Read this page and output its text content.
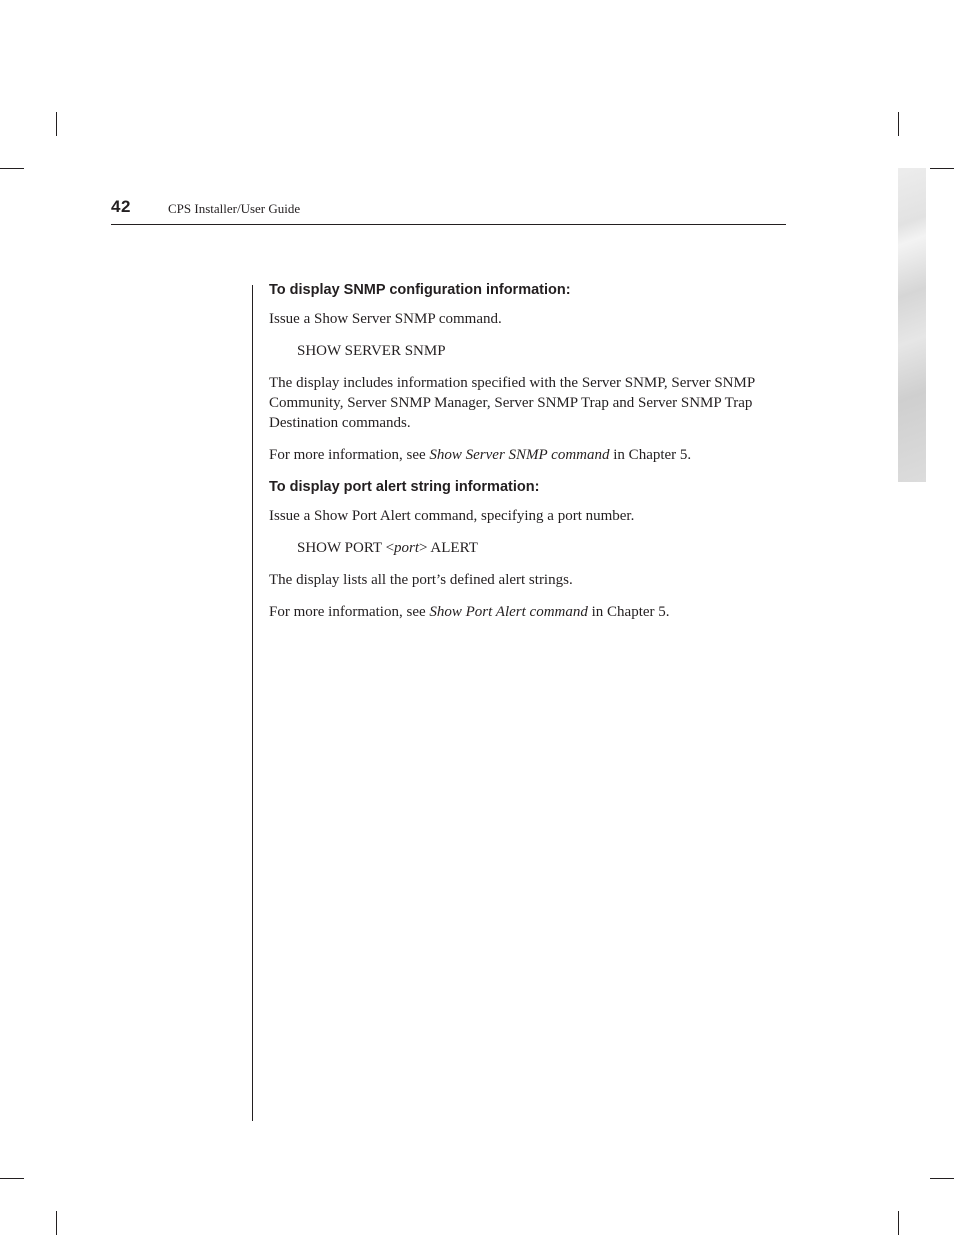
42	CPS Installer/User Guide
To display SNMP configuration information:

Issue a Show Server SNMP command.

SHOW SERVER SNMP

The display includes information specified with the Server SNMP, Server SNMP Community, Server SNMP Manager, Server SNMP Trap and Server SNMP Trap Destination commands.

For more information, see Show Server SNMP command in Chapter 5.

To display port alert string information:

Issue a Show Port Alert command, specifying a port number.

SHOW PORT <port> ALERT

The display lists all the port’s defined alert strings.

For more information, see Show Port Alert command in Chapter 5.
